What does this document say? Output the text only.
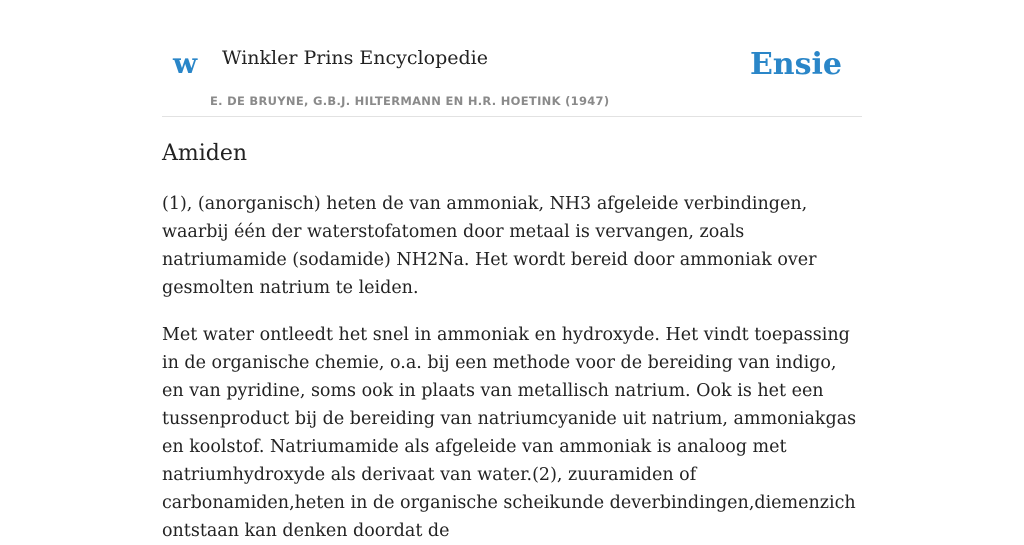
w Winkler Prins Encyclopedie
E. DE BRUYNE, G.B.J. HILTERMANN EN H.R. HOETINK (1947)
Ensie
Amiden

(1), (anorganisch) heten de van ammoniak, NH3 afgeleide verbindingen, waarbij één der waterstofatomen door metaal is vervangen, zoals natriumamide (sodamide) NH2Na. Het wordt bereid door ammoniak over gesmolten natrium te leiden.

Met water ontleedt het snel in ammoniak en hydroxyde. Het vindt toepassing in de organische chemie, o.a. bij een methode voor de bereiding van indigo, en van pyridine, soms ook in plaats van metallisch natrium. Ook is het een tussenproduct bij de bereiding van natriumcyanide uit natrium, ammoniakgas en koolstof. Natriumamide als afgeleide van ammoniak is analoog met natriumhydroxyde als derivaat van water.(2), zuuramiden of carbonamiden,heten in de organische scheikunde deverbindingen,diemenzich ontstaan kan denken doordat de
